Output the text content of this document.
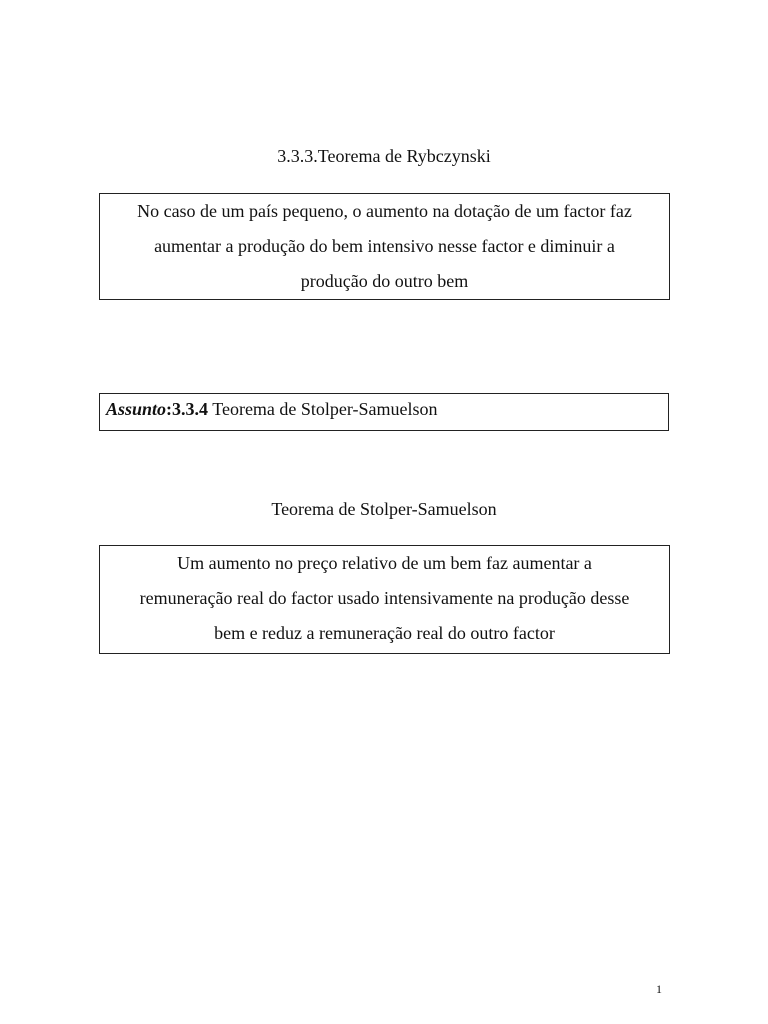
3.3.3.Teorema de Rybczynski

No caso de um país pequeno, o aumento na dotação de um factor faz

aumentar a produção do bem intensivo nesse factor e diminuir a

produção do outro bem

Assunto:3.3.4 Teorema de Stolper-Samuelson
Teorema de Stolper-Samuelson

Um aumento no preço relativo de um bem faz aumentar a

remuneração real do factor usado intensivamente na produção desse

bem e reduz a remuneração real do outro factor

1
